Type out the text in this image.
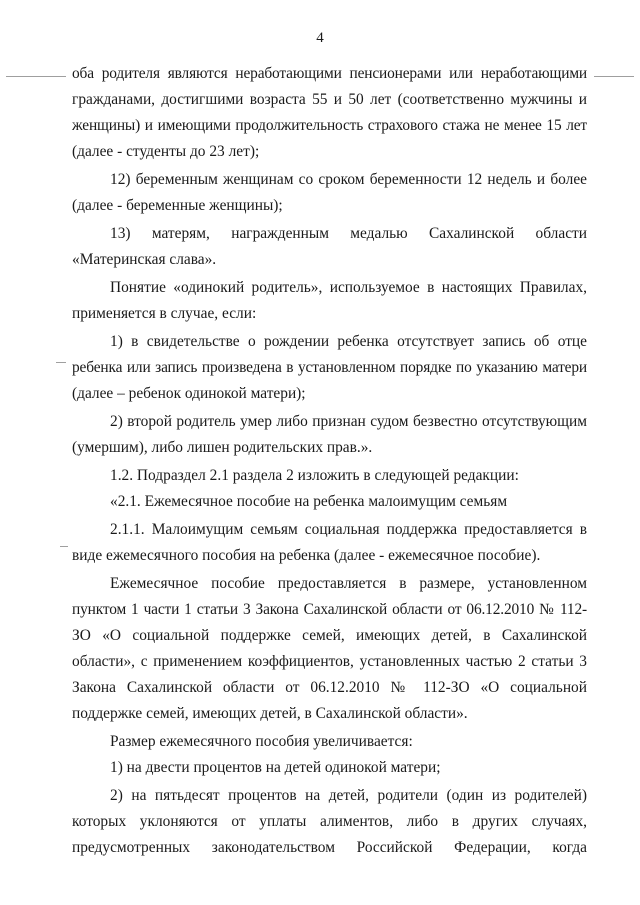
4
оба родителя являются неработающими пенсионерами или неработающими
гражданами, достигшими возраста 55 и 50 лет (соответственно мужчины и
женщины) и имеющими продолжительность страхового стажа не менее 15 лет
(далее - студенты до 23 лет);
12) беременным женщинам со сроком беременности 12 недель и более
(далее - беременные женщины);
13) матерям, награжденным медалью Сахалинской области
«Материнская слава».
Понятие «одинокий родитель», используемое в настоящих Правилах,
применяется в случае, если:
1) в свидетельстве о рождении ребенка отсутствует запись об отце
ребенка или запись произведена в установленном порядке по указанию матери
(далее – ребенок одинокой матери);
2) второй родитель умер либо признан судом безвестно отсутствующим
(умершим), либо лишен родительских прав.».
1.2. Подраздел 2.1 раздела 2 изложить в следующей редакции:
«2.1. Ежемесячное пособие на ребенка малоимущим семьям
2.1.1. Малоимущим семьям социальная поддержка предоставляется в
виде ежемесячного пособия на ребенка (далее - ежемесячное пособие).
Ежемесячное пособие предоставляется в размере, установленном
пунктом 1 части 1 статьи 3 Закона Сахалинской области от 06.12.2010 № 112-
ЗО «О социальной поддержке семей, имеющих детей, в Сахалинской
области», с применением коэффициентов, установленных частью 2 статьи 3
Закона Сахалинской области от 06.12.2010 № 112-ЗО «О социальной
поддержке семей, имеющих детей, в Сахалинской области».
Размер ежемесячного пособия увеличивается:
1) на двести процентов на детей одинокой матери;
2) на пятьдесят процентов на детей, родители (один из родителей)
которых уклоняются от уплаты алиментов, либо в других случаях,
предусмотренных законодательством Российской Федерации, когда
